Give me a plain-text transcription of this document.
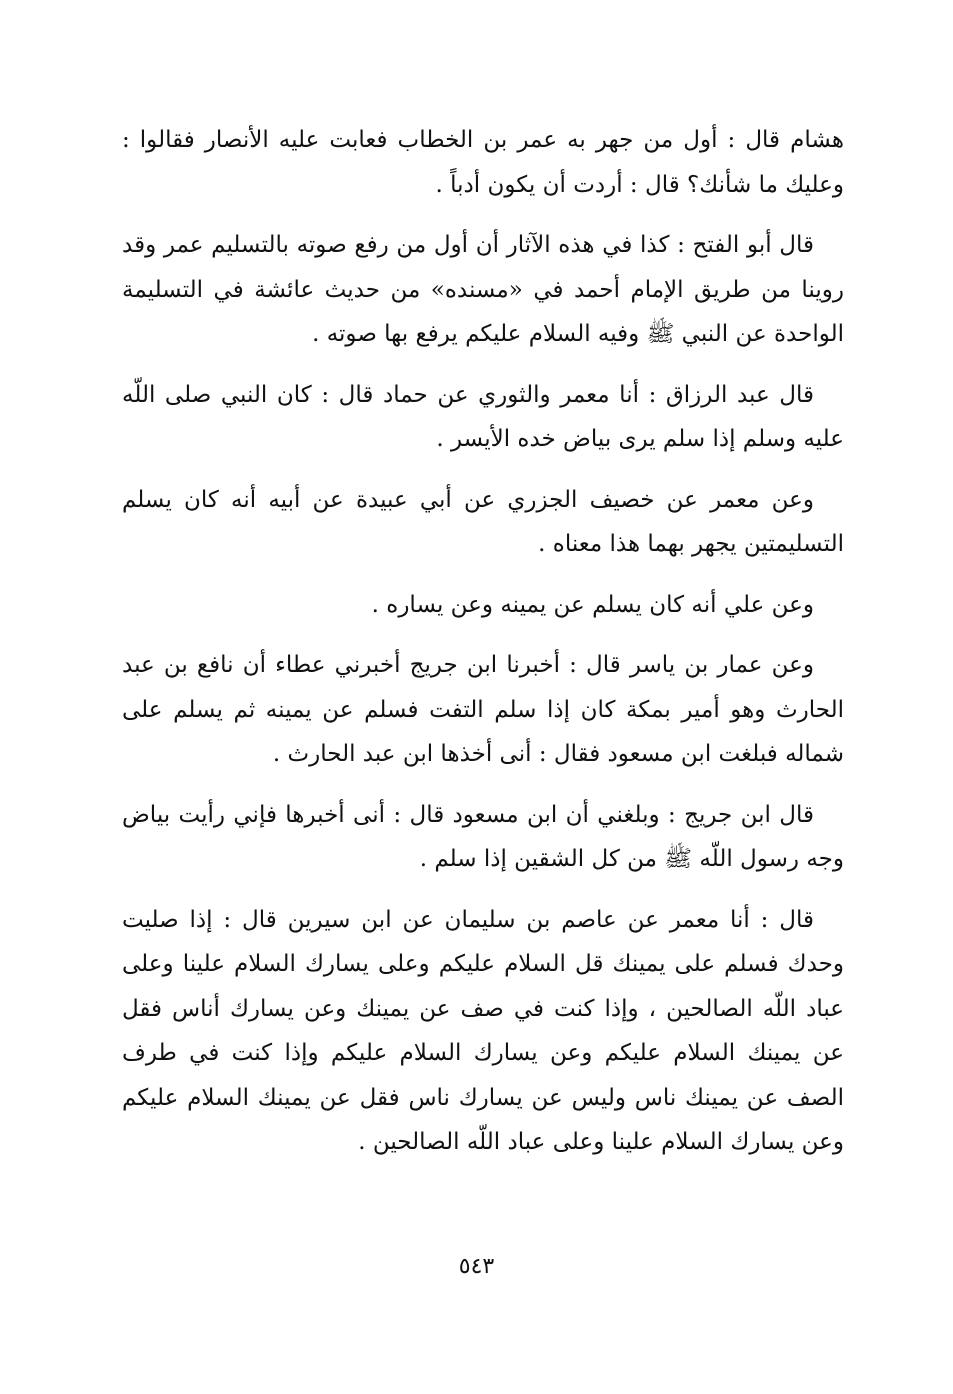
هشام قال : أول من جهر به عمر بن الخطاب فعابت عليه الأنصار فقالوا : وعليك ما شأنك؟ قال : أردت أن يكون أدباً .

قال أبو الفتح : كذا في هذه الآثار أن أول من رفع صوته بالتسليم عمر وقد روينا من طريق الإمام أحمد في «مسنده» من حديث عائشة في التسليمة الواحدة عن النبي ﷺ وفيه السلام عليكم يرفع بها صوته .

قال عبد الرزاق : أنا معمر والثوري عن حماد قال : كان النبي صلى اللّه عليه وسلم إذا سلم يرى بياض خده الأيسر .

وعن معمر عن خصيف الجزري عن أبي عبيدة عن أبيه أنه كان يسلم التسليمتين يجهر بهما هذا معناه .

وعن علي أنه كان يسلم عن يمينه وعن يساره .

وعن عمار بن ياسر قال : أخبرنا ابن جريج أخبرني عطاء أن نافع بن عبد الحارث وهو أمير بمكة كان إذا سلم التفت فسلم عن يمينه ثم يسلم على شماله فبلغت ابن مسعود فقال : أنى أخذها ابن عبد الحارث .

قال ابن جريج : وبلغني أن ابن مسعود قال : أنى أخبرها فإني رأيت بياض وجه رسول اللّه ﷺ من كل الشقين إذا سلم .

قال : أنا معمر عن عاصم بن سليمان عن ابن سيرين قال : إذا صليت وحدك فسلم على يمينك قل السلام عليكم وعلى يسارك السلام علينا وعلى عباد اللّه الصالحين ، وإذا كنت في صف عن يمينك وعن يسارك أناس فقل عن يمينك السلام عليكم وعن يسارك السلام عليكم وإذا كنت في طرف الصف عن يمينك ناس وليس عن يسارك ناس فقل عن يمينك السلام عليكم وعن يسارك السلام علينا وعلى عباد اللّه الصالحين .

٥٤٣
